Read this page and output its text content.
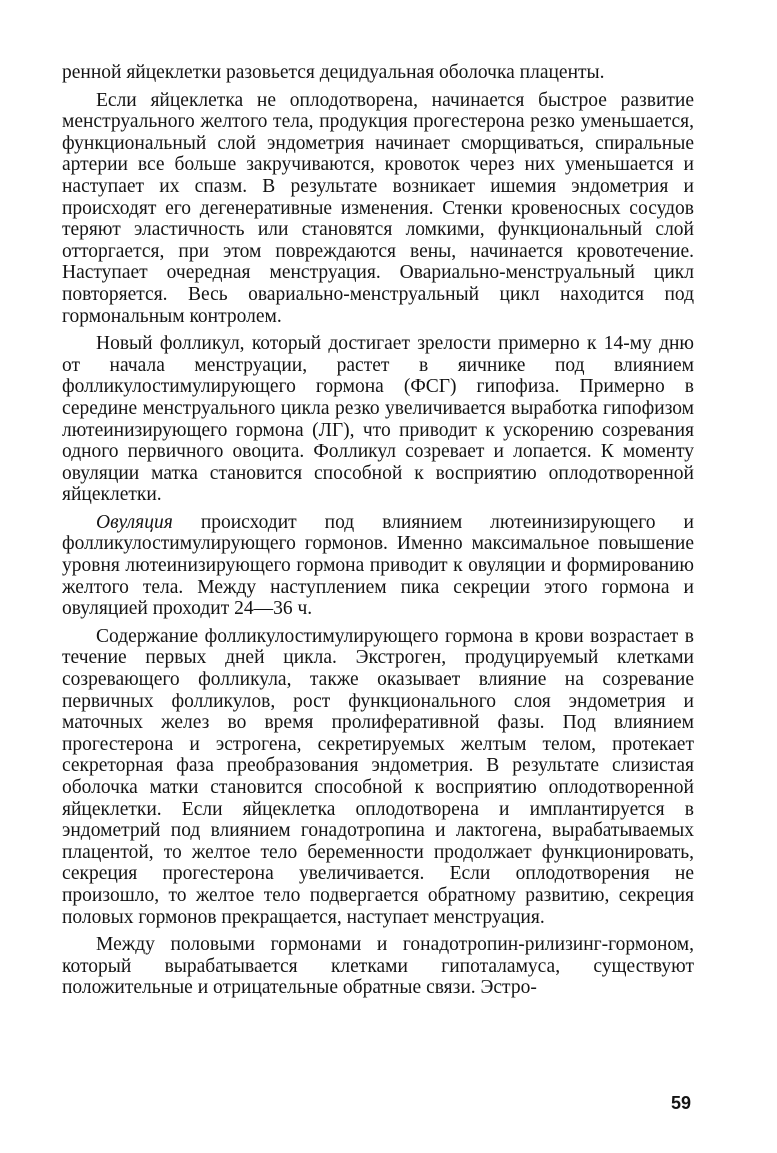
ренной яйцеклетки разовьется децидуальная оболочка плаценты.

Если яйцеклетка не оплодотворена, начинается быстрое развитие менструального желтого тела, продукция прогестерона резко уменьшается, функциональный слой эндометрия начинает сморщиваться, спиральные артерии все больше закручиваются, кровоток через них уменьшается и наступает их спазм. В результате возникает ишемия эндометрия и происходят его дегенеративные изменения. Стенки кровеносных сосудов теряют эластичность или становятся ломкими, функциональный слой отторгается, при этом повреждаются вены, начинается кровотечение. Наступает очередная менструация. Овариально-менструальный цикл повторяется. Весь овариально-менструальный цикл находится под гормональным контролем.

Новый фолликул, который достигает зрелости примерно к 14-му дню от начала менструации, растет в яичнике под влиянием фолликулостимулирующего гормона (ФСГ) гипофиза. Примерно в середине менструального цикла резко увеличивается выработка гипофизом лютеинизирующего гормона (ЛГ), что приводит к ускорению созревания одного первичного овоцита. Фолликул созревает и лопается. К моменту овуляции матка становится способной к восприятию оплодотворенной яйцеклетки.

Овуляция происходит под влиянием лютеинизирующего и фолликулостимулирующего гормонов. Именно максимальное повышение уровня лютеинизирующего гормона приводит к овуляции и формированию желтого тела. Между наступлением пика секреции этого гормона и овуляцией проходит 24—36 ч.

Содержание фолликулостимулирующего гормона в крови возрастает в течение первых дней цикла. Экстроген, продуцируемый клетками созревающего фолликула, также оказывает влияние на созревание первичных фолликулов, рост функционального слоя эндометрия и маточных желез во время пролиферативной фазы. Под влиянием прогестерона и эстрогена, секретируемых желтым телом, протекает секреторная фаза преобразования эндометрия. В результате слизистая оболочка матки становится способной к восприятию оплодотворенной яйцеклетки. Если яйцеклетка оплодотворена и имплантируется в эндометрий под влиянием гонадотропина и лактогена, вырабатываемых плацентой, то желтое тело беременности продолжает функционировать, секреция прогестерона увеличивается. Если оплодотворения не произошло, то желтое тело подвергается обратному развитию, секреция половых гормонов прекращается, наступает менструация.

Между половыми гормонами и гонадотропин-рилизинг-гормоном, который вырабатывается клетками гипоталамуса, существуют положительные и отрицательные обратные связи. Эстро-

59
